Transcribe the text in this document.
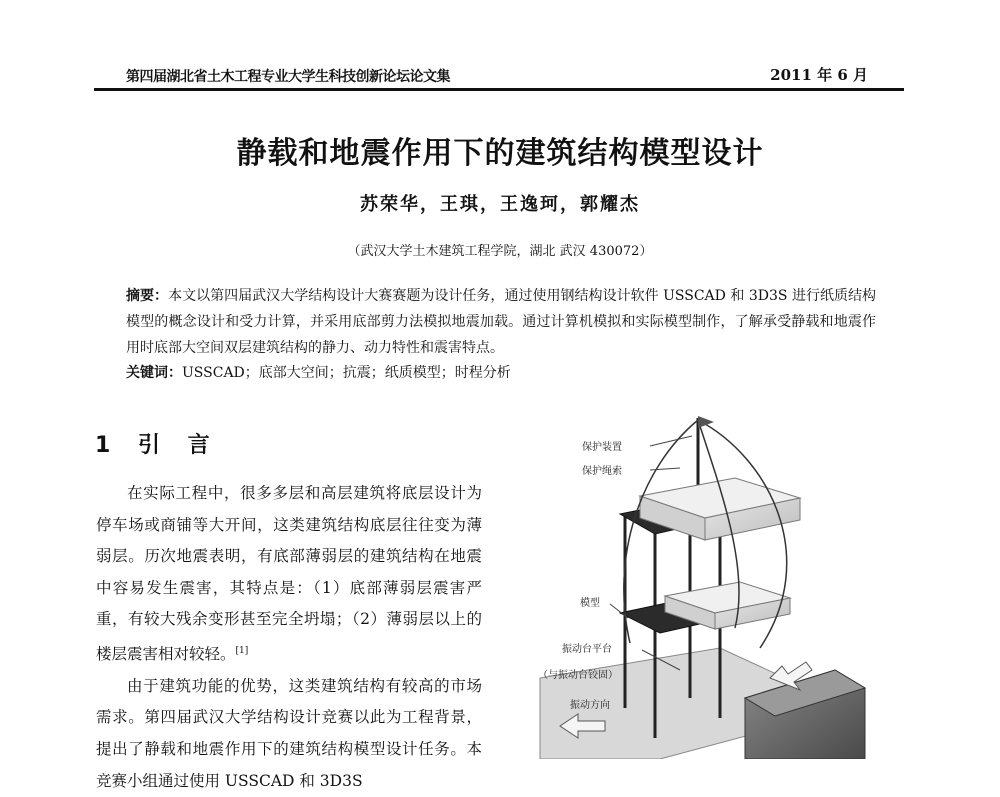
第四届湖北省土木工程专业大学生科技创新论坛论文集	2011 年 6 月
静载和地震作用下的建筑结构模型设计
苏荣华，王琪，王逸珂，郭耀杰
（武汉大学土木建筑工程学院，湖北 武汉 430072）
摘要：本文以第四届武汉大学结构设计大赛赛题为设计任务，通过使用钢结构设计软件 USSCAD 和 3D3S 进行纸质结构模型的概念设计和受力计算，并采用底部剪力法模拟地震加载。通过计算机模拟和实际模型制作，了解承受静载和地震作用时底部大空间双层建筑结构的静力、动力特性和震害特点。
关键词：USSCAD；底部大空间；抗震；纸质模型；时程分析
1 引 言

在实际工程中，很多多层和高层建筑将底层设计为停车场或商铺等大开间，这类建筑结构底层往往变为薄弱层。历次地震表明，有底部薄弱层的建筑结构在地震中容易发生震害，其特点是：（1）底部薄弱层震害严重，有较大残余变形甚至完全坍塌；（2）薄弱层以上的楼层震害相对较轻。[1]

由于建筑功能的优势，这类建筑结构有较高的市场需求。第四届武汉大学结构设计竞赛以此为工程背景，提出了静载和地震作用下的建筑结构模型设计任务。本竞赛小组通过使用 USSCAD 和 3D3S

保护装置
保护绳索
模型
振动台平台
（与振动台铰固）
振动方向
